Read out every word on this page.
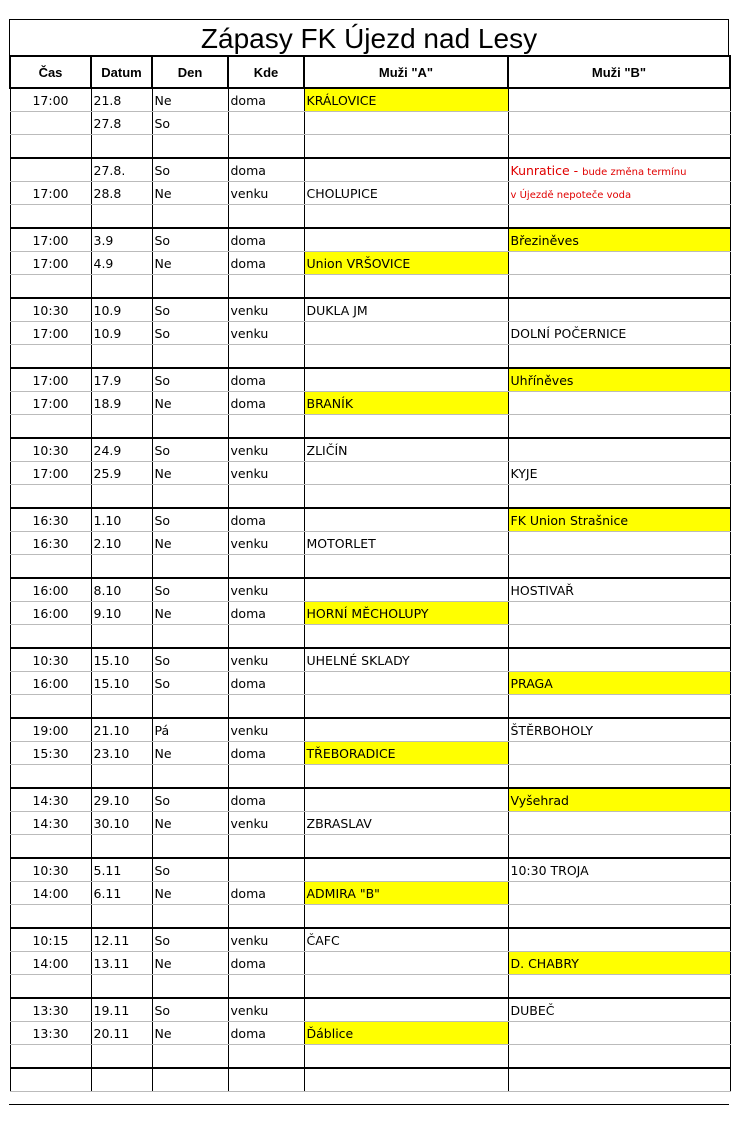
Zápasy FK Újezd nad Lesy
Čas	Datum	Den	Kde	Muži "A"	Muži "B"
17:00	21.8	Ne	doma	KRÁLOVICE	
	27.8	So			

	27.8.	So	doma		Kunratice - bude změna termínu
17:00	28.8	Ne	venku	CHOLUPICE	v Újezdě nepoteče voda

17:00	3.9	So	doma		Březiněves
17:00	4.9	Ne	doma	Union VRŠOVICE	

10:30	10.9	So	venku	DUKLA JM	
17:00	10.9	So	venku		DOLNÍ POČERNICE

17:00	17.9	So	doma		Uhříněves
17:00	18.9	Ne	doma	BRANÍK	

10:30	24.9	So	venku	ZLIČÍN	
17:00	25.9	Ne	venku		KYJE

16:30	1.10	So	doma		FK Union Strašnice
16:30	2.10	Ne	venku	MOTORLET	

16:00	8.10	So	venku		HOSTIVAŘ
16:00	9.10	Ne	doma	HORNÍ MĚCHOLUPY	

10:30	15.10	So	venku	UHELNÉ SKLADY	
16:00	15.10	So	doma		PRAGA

19:00	21.10	Pá	venku		ŠTĚRBOHOLY
15:30	23.10	Ne	doma	TŘEBORADICE	

14:30	29.10	So	doma		Vyšehrad
14:30	30.10	Ne	venku	ZBRASLAV	

10:30	5.11	So			10:30 TROJA
14:00	6.11	Ne	doma	ADMIRA "B"	

10:15	12.11	So	venku	ČAFC	
14:00	13.11	Ne	doma		D. CHABRY

13:30	19.11	So	venku		DUBEČ
13:30	20.11	Ne	doma	Ďáblice	
